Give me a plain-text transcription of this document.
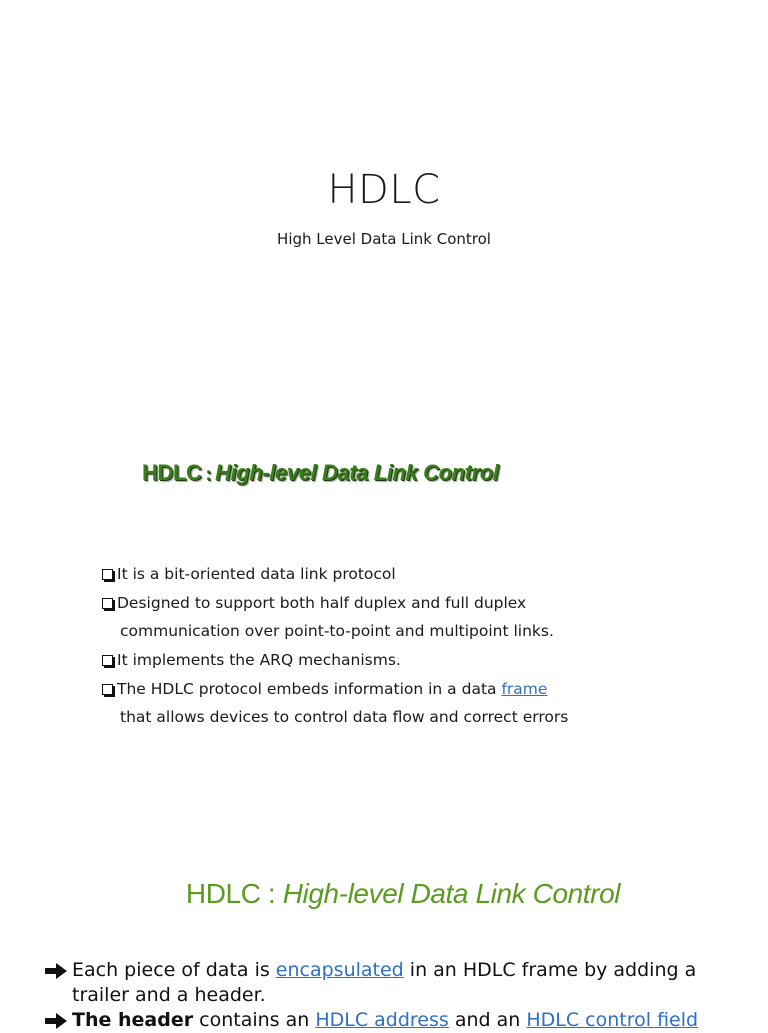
HDLC
High Level Data Link Control
HDLC : High-level Data Link Control
It is a bit-oriented data link protocol
Designed to support both half duplex and full duplex
communication over point-to-point and multipoint links.
It implements the ARQ mechanisms.
The HDLC protocol embeds information in a data frame
that allows devices to control data flow and correct errors
HDLC : High-level Data Link Control
Each piece of data is encapsulated in an HDLC frame by adding a
trailer and a header.
The header contains an HDLC address and an HDLC control field
